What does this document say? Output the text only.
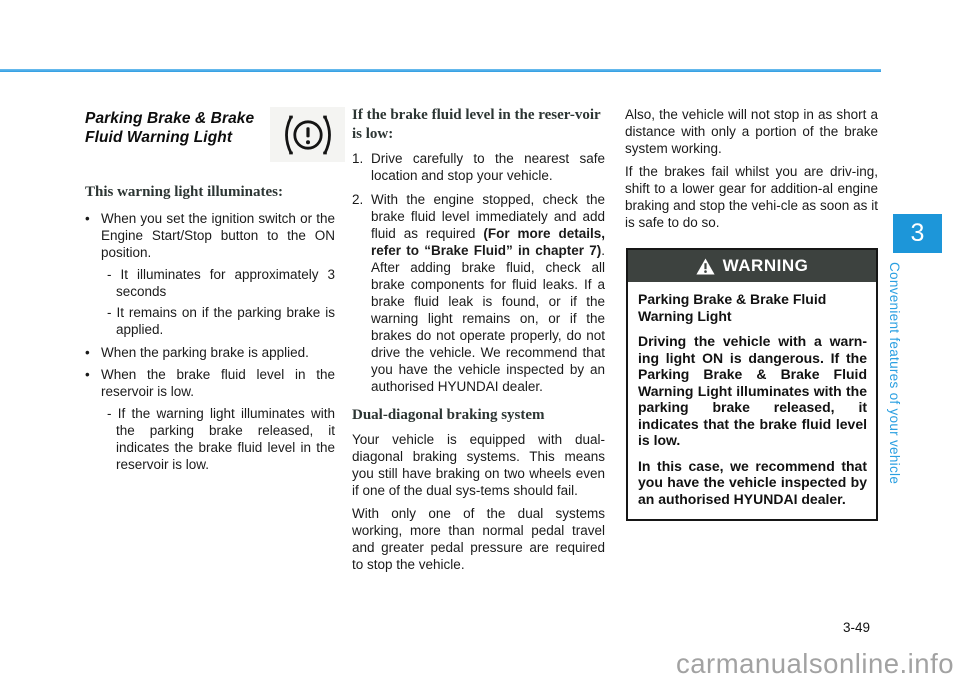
Parking Brake & Brake
Fluid Warning Light
This warning light illuminates:
• When you set the ignition switch or the Engine Start/Stop button to the ON position.
- It illuminates for approximately 3 seconds
- It remains on if the parking brake is applied.
• When the parking brake is applied.
• When the brake fluid level in the reservoir is low.
- If the warning light illuminates with the parking brake released, it indicates the brake fluid level in the reservoir is low.
If the brake fluid level in the reser-voir is low:
1. Drive carefully to the nearest safe location and stop your vehicle.
2. With the engine stopped, check the brake fluid level immediately and add fluid as required (For more details, refer to “Brake Fluid” in chapter 7). After adding brake fluid, check all brake components for fluid leaks. If a brake fluid leak is found, or if the warning light remains on, or if the brakes do not operate properly, do not drive the vehicle. We recommend that you have the vehicle inspected by an authorised HYUNDAI dealer.
Dual-diagonal braking system
Your vehicle is equipped with dual-diagonal braking systems. This means you still have braking on two wheels even if one of the dual sys-tems should fail.
With only one of the dual systems working, more than normal pedal travel and greater pedal pressure are required to stop the vehicle.
Also, the vehicle will not stop in as short a distance with only a portion of the brake system working.
If the brakes fail whilst you are driv-ing, shift to a lower gear for addition-al engine braking and stop the vehi-cle as soon as it is safe to do so.
WARNING
Parking Brake & Brake Fluid Warning Light
Driving the vehicle with a warn-ing light ON is dangerous. If the Parking Brake & Brake Fluid Warning Light illuminates with the parking brake released, it indicates that the brake fluid level is low.
In this case, we recommend that you have the vehicle inspected by an authorised HYUNDAI dealer.
3
Convenient features of your vehicle
3-49
carmanualsonline.info
